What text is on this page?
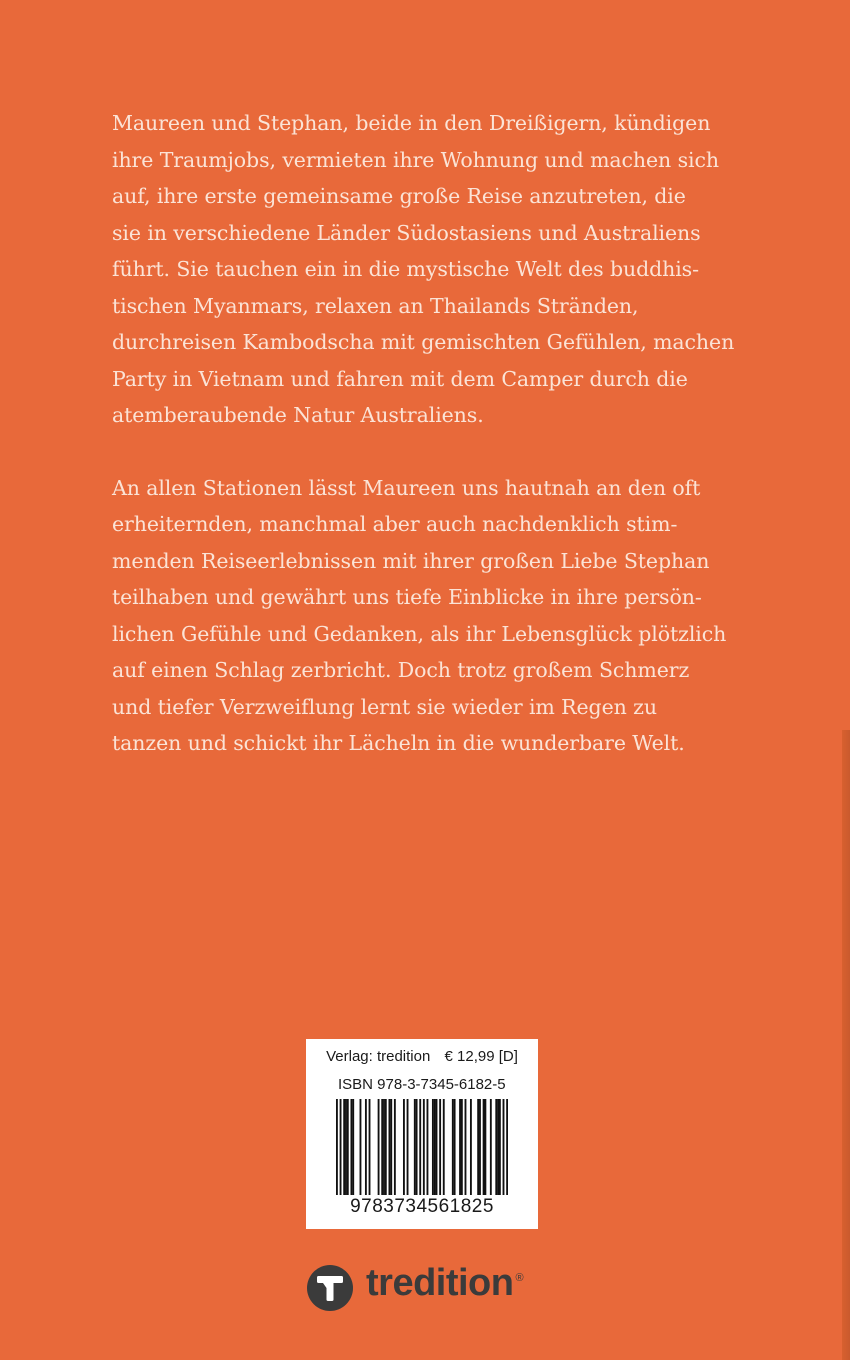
Maureen und Stephan, beide in den Dreißigern, kündigen
ihre Traumjobs, vermieten ihre Wohnung und machen sich
auf, ihre erste gemeinsame große Reise anzutreten, die
sie in verschiedene Länder Südostasiens und Australiens
führt. Sie tauchen ein in die mystische Welt des buddhis-
tischen Myanmars, relaxen an Thailands Stränden,
durchreisen Kambodscha mit gemischten Gefühlen, machen
Party in Vietnam und fahren mit dem Camper durch die
atemberaubende Natur Australiens.
An allen Stationen lässt Maureen uns hautnah an den oft
erheiternden, manchmal aber auch nachdenklich stim-
menden Reiseerlebnissen mit ihrer großen Liebe Stephan
teilhaben und gewährt uns tiefe Einblicke in ihre persön-
lichen Gefühle und Gedanken, als ihr Lebensglück plötzlich
auf einen Schlag zerbricht. Doch trotz großem Schmerz
und tiefer Verzweiflung lernt sie wieder im Regen zu
tanzen und schickt ihr Lächeln in die wunderbare Welt.
Verlag: tredition € 12,99 [D]
ISBN 978-3-7345-6182-5
9783734561825
tredition ®
